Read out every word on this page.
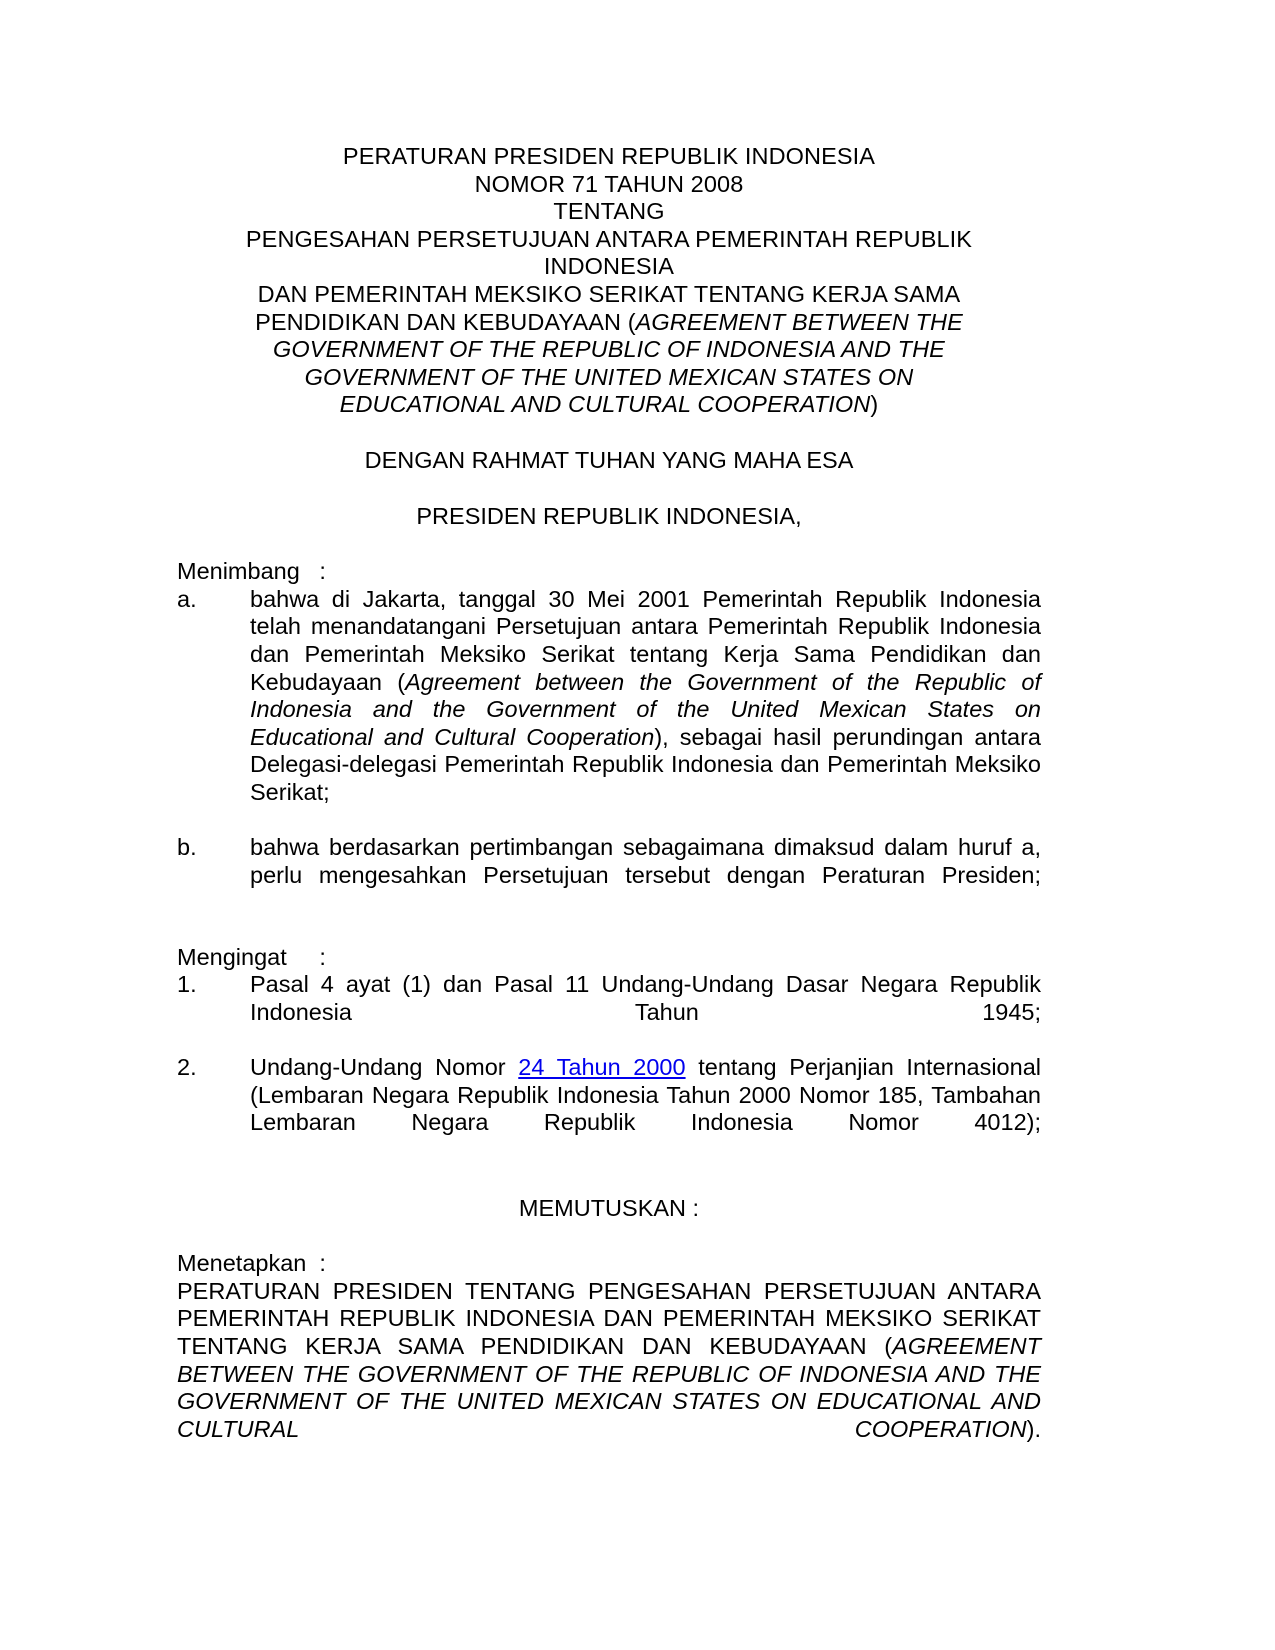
PERATURAN PRESIDEN REPUBLIK INDONESIA
NOMOR 71 TAHUN 2008
TENTANG
PENGESAHAN PERSETUJUAN ANTARA PEMERINTAH REPUBLIK
INDONESIA
DAN PEMERINTAH MEKSIKO SERIKAT TENTANG KERJA SAMA
PENDIDIKAN DAN KEBUDAYAAN (AGREEMENT BETWEEN THE
GOVERNMENT OF THE REPUBLIC OF INDONESIA AND THE
GOVERNMENT OF THE UNITED MEXICAN STATES ON
EDUCATIONAL AND CULTURAL COOPERATION)
DENGAN RAHMAT TUHAN YANG MAHA ESA
PRESIDEN REPUBLIK INDONESIA,
Menimbang   :
a.	bahwa di Jakarta, tanggal 30 Mei 2001 Pemerintah Republik Indonesia telah menandatangani Persetujuan antara Pemerintah Republik Indonesia dan Pemerintah Meksiko Serikat tentang Kerja Sama Pendidikan dan Kebudayaan (Agreement between the Government of the Republic of Indonesia and the Government of the United Mexican States on Educational and Cultural Cooperation), sebagai hasil perundingan antara Delegasi-delegasi Pemerintah Republik Indonesia dan Pemerintah Meksiko Serikat;
b.	bahwa berdasarkan pertimbangan sebagaimana dimaksud dalam huruf a, perlu mengesahkan Persetujuan tersebut dengan Peraturan Presiden;
Mengingat     :
1.	Pasal 4 ayat (1) dan Pasal 11 Undang-Undang Dasar Negara Republik Indonesia Tahun 1945;
2.	Undang-Undang Nomor 24 Tahun 2000 tentang Perjanjian Internasional (Lembaran Negara Republik Indonesia Tahun 2000 Nomor 185, Tambahan Lembaran Negara Republik Indonesia Nomor 4012);
MEMUTUSKAN :
Menetapkan  :
PERATURAN PRESIDEN TENTANG PENGESAHAN PERSETUJUAN ANTARA PEMERINTAH REPUBLIK INDONESIA DAN PEMERINTAH MEKSIKO SERIKAT TENTANG KERJA SAMA PENDIDIKAN DAN KEBUDAYAAN (AGREEMENT BETWEEN THE GOVERNMENT OF THE REPUBLIC OF INDONESIA AND THE GOVERNMENT OF THE UNITED MEXICAN STATES ON EDUCATIONAL AND CULTURAL COOPERATION).
